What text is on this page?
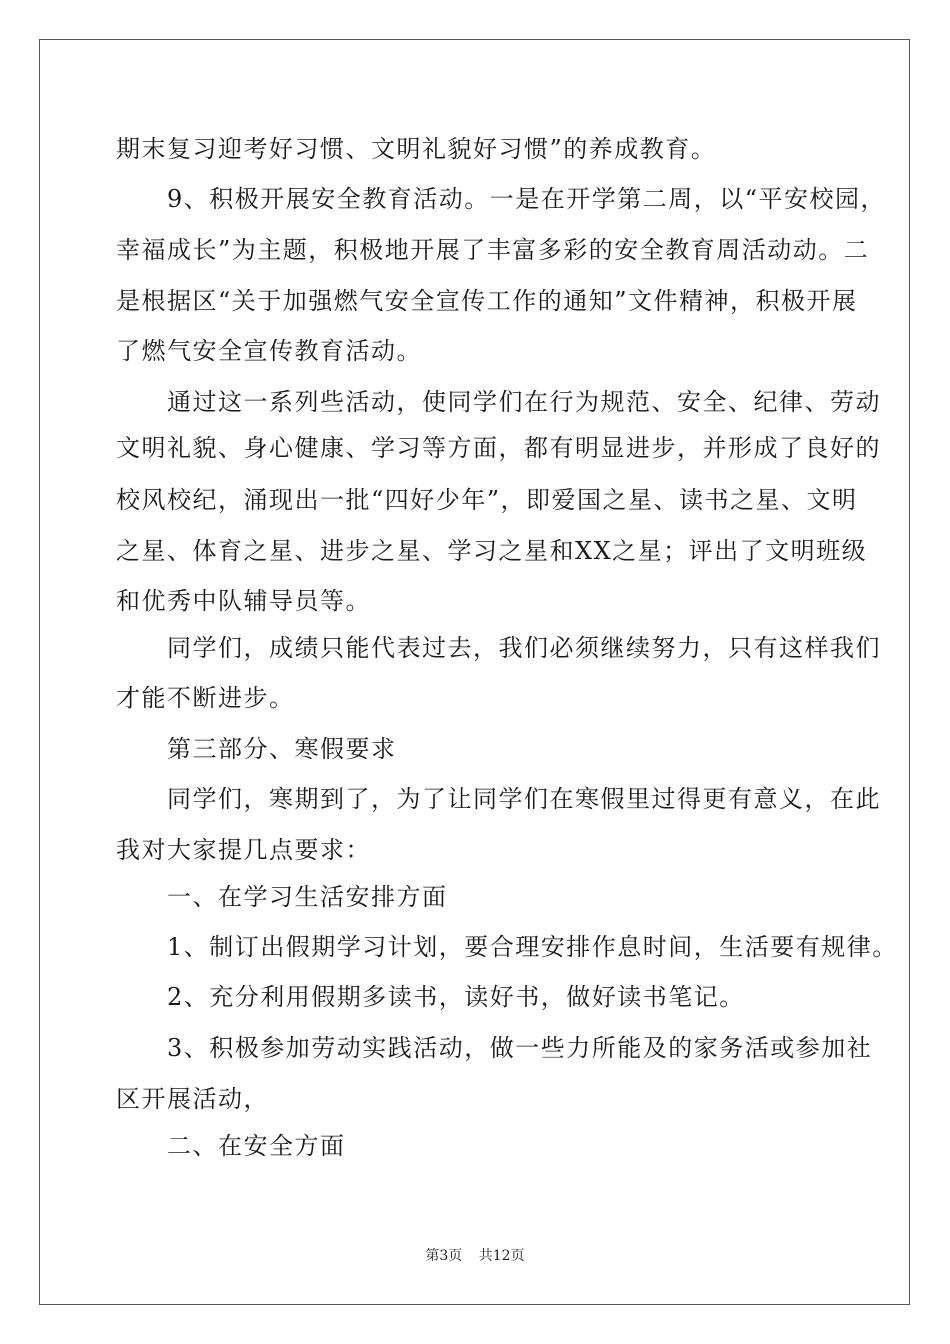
期末复习迎考好习惯、文明礼貌好习惯”的养成教育。
　　9、积极开展安全教育活动。一是在开学第二周，以“平安校园，
幸福成长”为主题，积极地开展了丰富多彩的安全教育周活动动。二
是根据区“关于加强燃气安全宣传工作的通知”文件精神，积极开展
了燃气安全宣传教育活动。
　　通过这一系列些活动，使同学们在行为规范、安全、纪律、劳动
文明礼貌、身心健康、学习等方面，都有明显进步，并形成了良好的
校风校纪，涌现出一批“四好少年”，即爱国之星、读书之星、文明
之星、体育之星、进步之星、学习之星和XX之星；评出了文明班级
和优秀中队辅导员等。
　　同学们，成绩只能代表过去，我们必须继续努力，只有这样我们
才能不断进步。
　　第三部分、寒假要求
　　同学们，寒期到了，为了让同学们在寒假里过得更有意义，在此
我对大家提几点要求：
　　一、在学习生活安排方面
　　1、制订出假期学习计划，要合理安排作息时间，生活要有规律。
　　2、充分利用假期多读书，读好书，做好读书笔记。
　　3、积极参加劳动实践活动，做一些力所能及的家务活或参加社
区开展活动，
　　二、在安全方面
第3页 共12页
